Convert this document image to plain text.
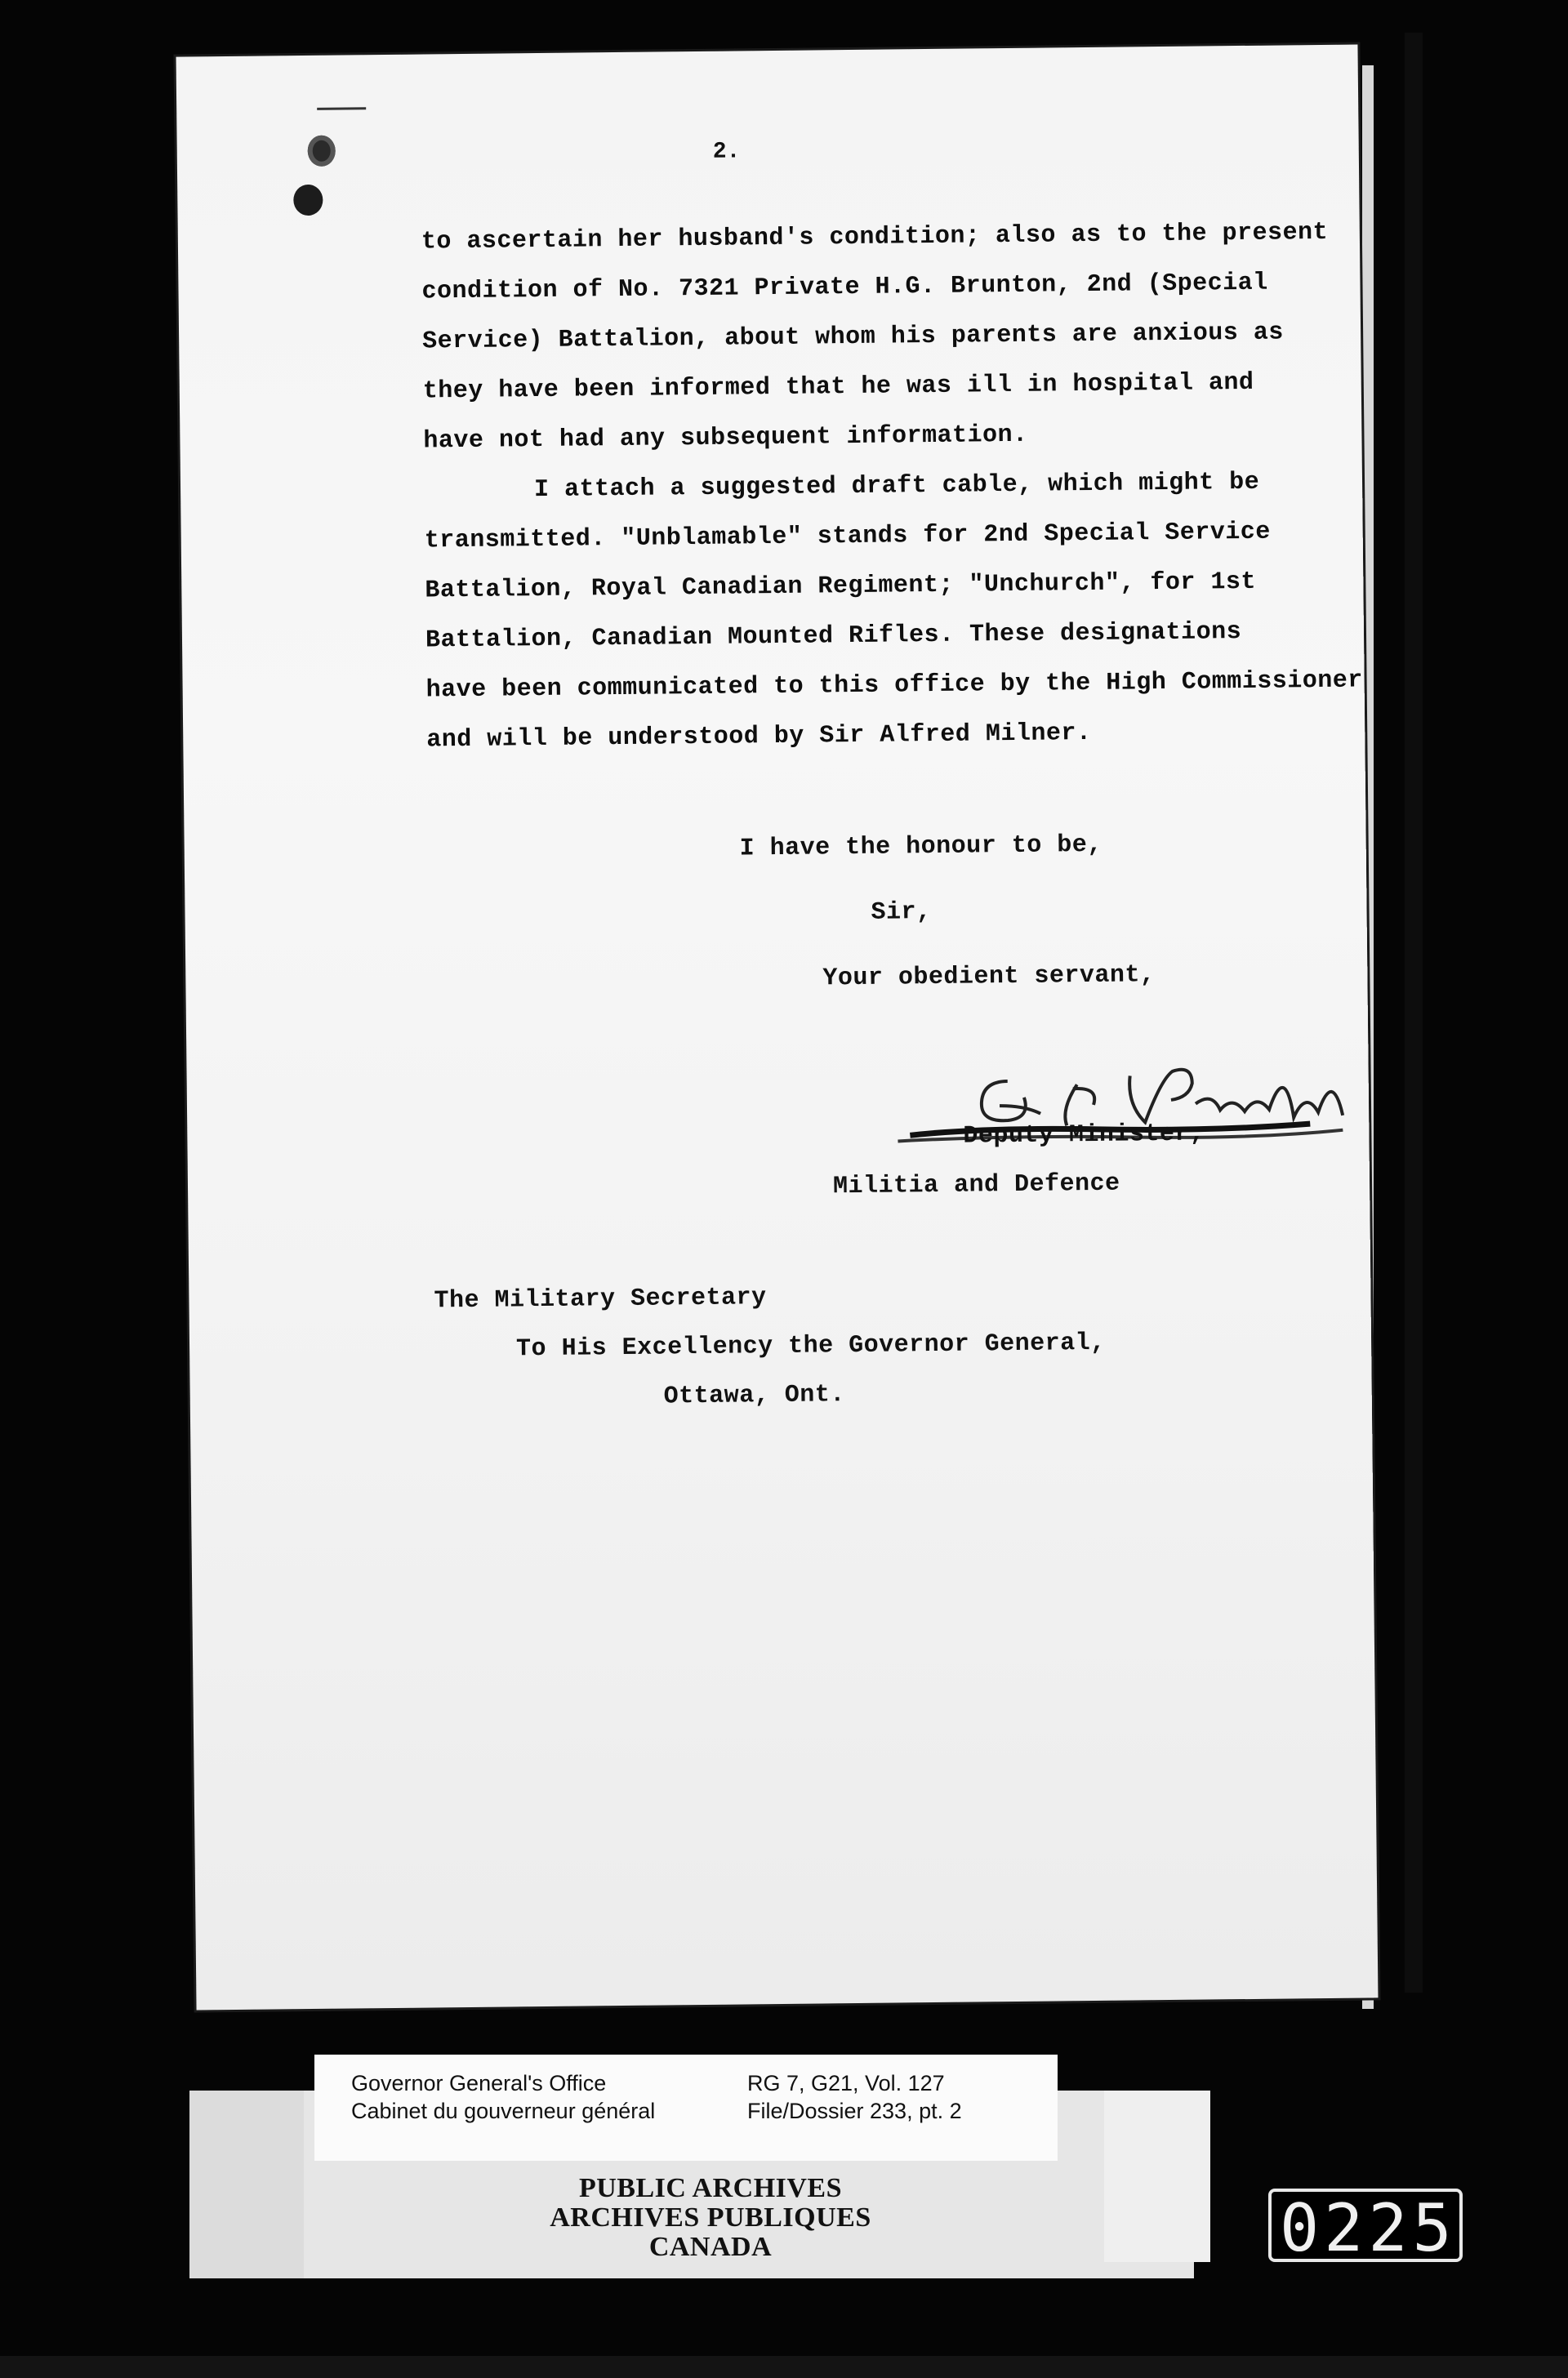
2.
to ascertain her husband's condition; also as to the present
condition of No. 7321 Private H.G. Brunton, 2nd (Special
Service) Battalion, about whom his parents are anxious as
they have been informed that he was ill in hospital and
have not had any subsequent information.
I attach a suggested draft cable, which might be
transmitted. "Unblamable" stands for 2nd Special Service
Battalion, Royal Canadian Regiment; "Unchurch", for 1st
Battalion, Canadian Mounted Rifles. These designations
have been communicated to this office by the High Commissioner
and will be understood by Sir Alfred Milner.
I have the honour to be,
Sir,
Your obedient servant,
Deputy Minister,
Militia and Defence
The Military Secretary
To His Excellency the Governor General,
Ottawa, Ont.
Governor General's Office
Cabinet du gouverneur général
RG 7, G21, Vol. 127
File/Dossier 233, pt. 2
PUBLIC ARCHIVES
ARCHIVES PUBLIQUES
CANADA	0225
